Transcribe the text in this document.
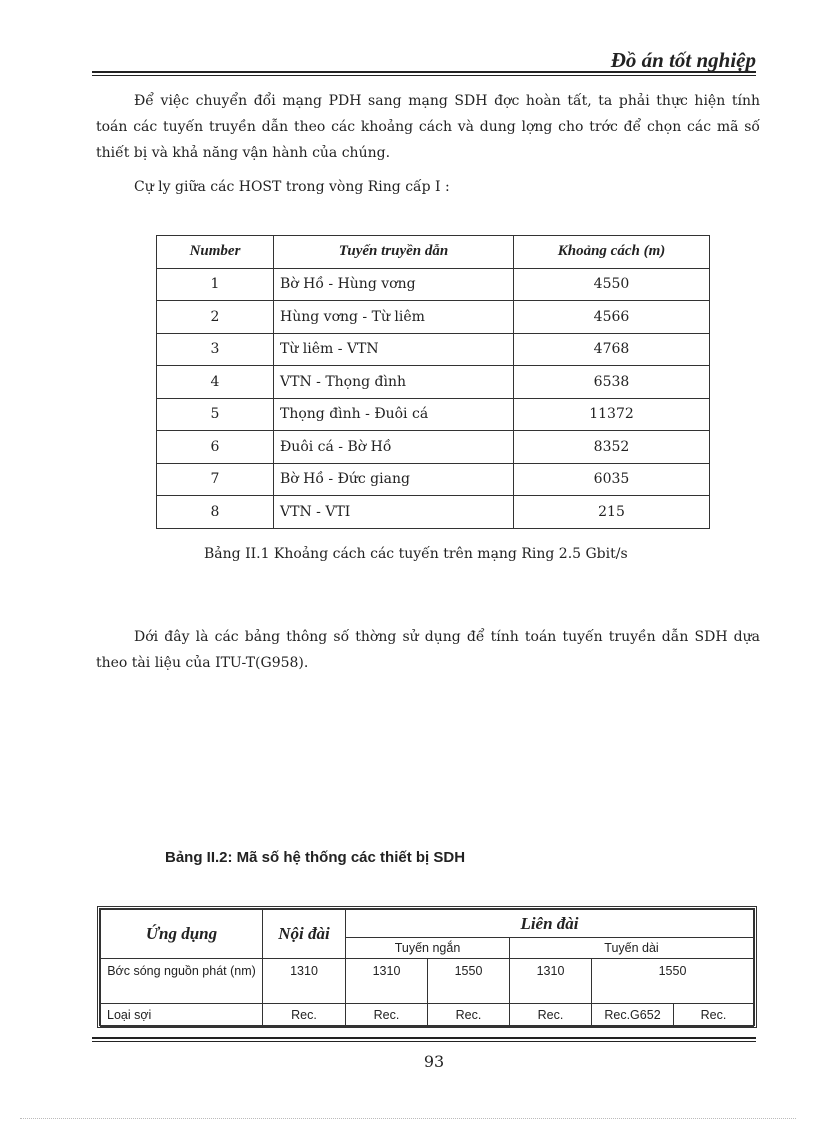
Đồ án tốt nghiệp

Để việc chuyển đổi mạng PDH sang mạng SDH đợc hoàn tất, ta phải thực hiện tính toán các tuyến truyền dẫn theo các khoảng cách và dung lợng cho trớc để chọn các mã số thiết bị và khả năng vận hành của chúng.

Cự ly giữa các HOST trong vòng Ring cấp I :

Number	Tuyến truyền dẫn	Khoảng cách (m)
1	Bờ Hồ - Hùng vơng	4550
2	Hùng vơng - Từ liêm	4566
3	Từ liêm - VTN	4768
4	VTN - Thọng đình	6538
5	Thọng đình - Đuôi cá	11372
6	Đuôi cá - Bờ Hồ	8352
7	Bờ Hồ - Đức giang	6035
8	VTN - VTI	215
Bảng II.1 Khoảng cách các tuyến trên mạng Ring 2.5 Gbit/s

Dới đây là các bảng thông số thờng sử dụng để tính toán tuyến truyền dẫn SDH dựa theo tài liệu của ITU-T(G958).

Bảng II.2: Mã số hệ thống các thiết bị SDH
Ứng dụng	Nội đài	Liên đài				
		Tuyến ngắn		Tuyến dài		
Bớc sóng nguồn phát (nm)	1310	1310	1550	1310	1550	
Loại sợi	Rec.	Rec.	Rec.	Rec.	Rec.G652	Rec.
93
